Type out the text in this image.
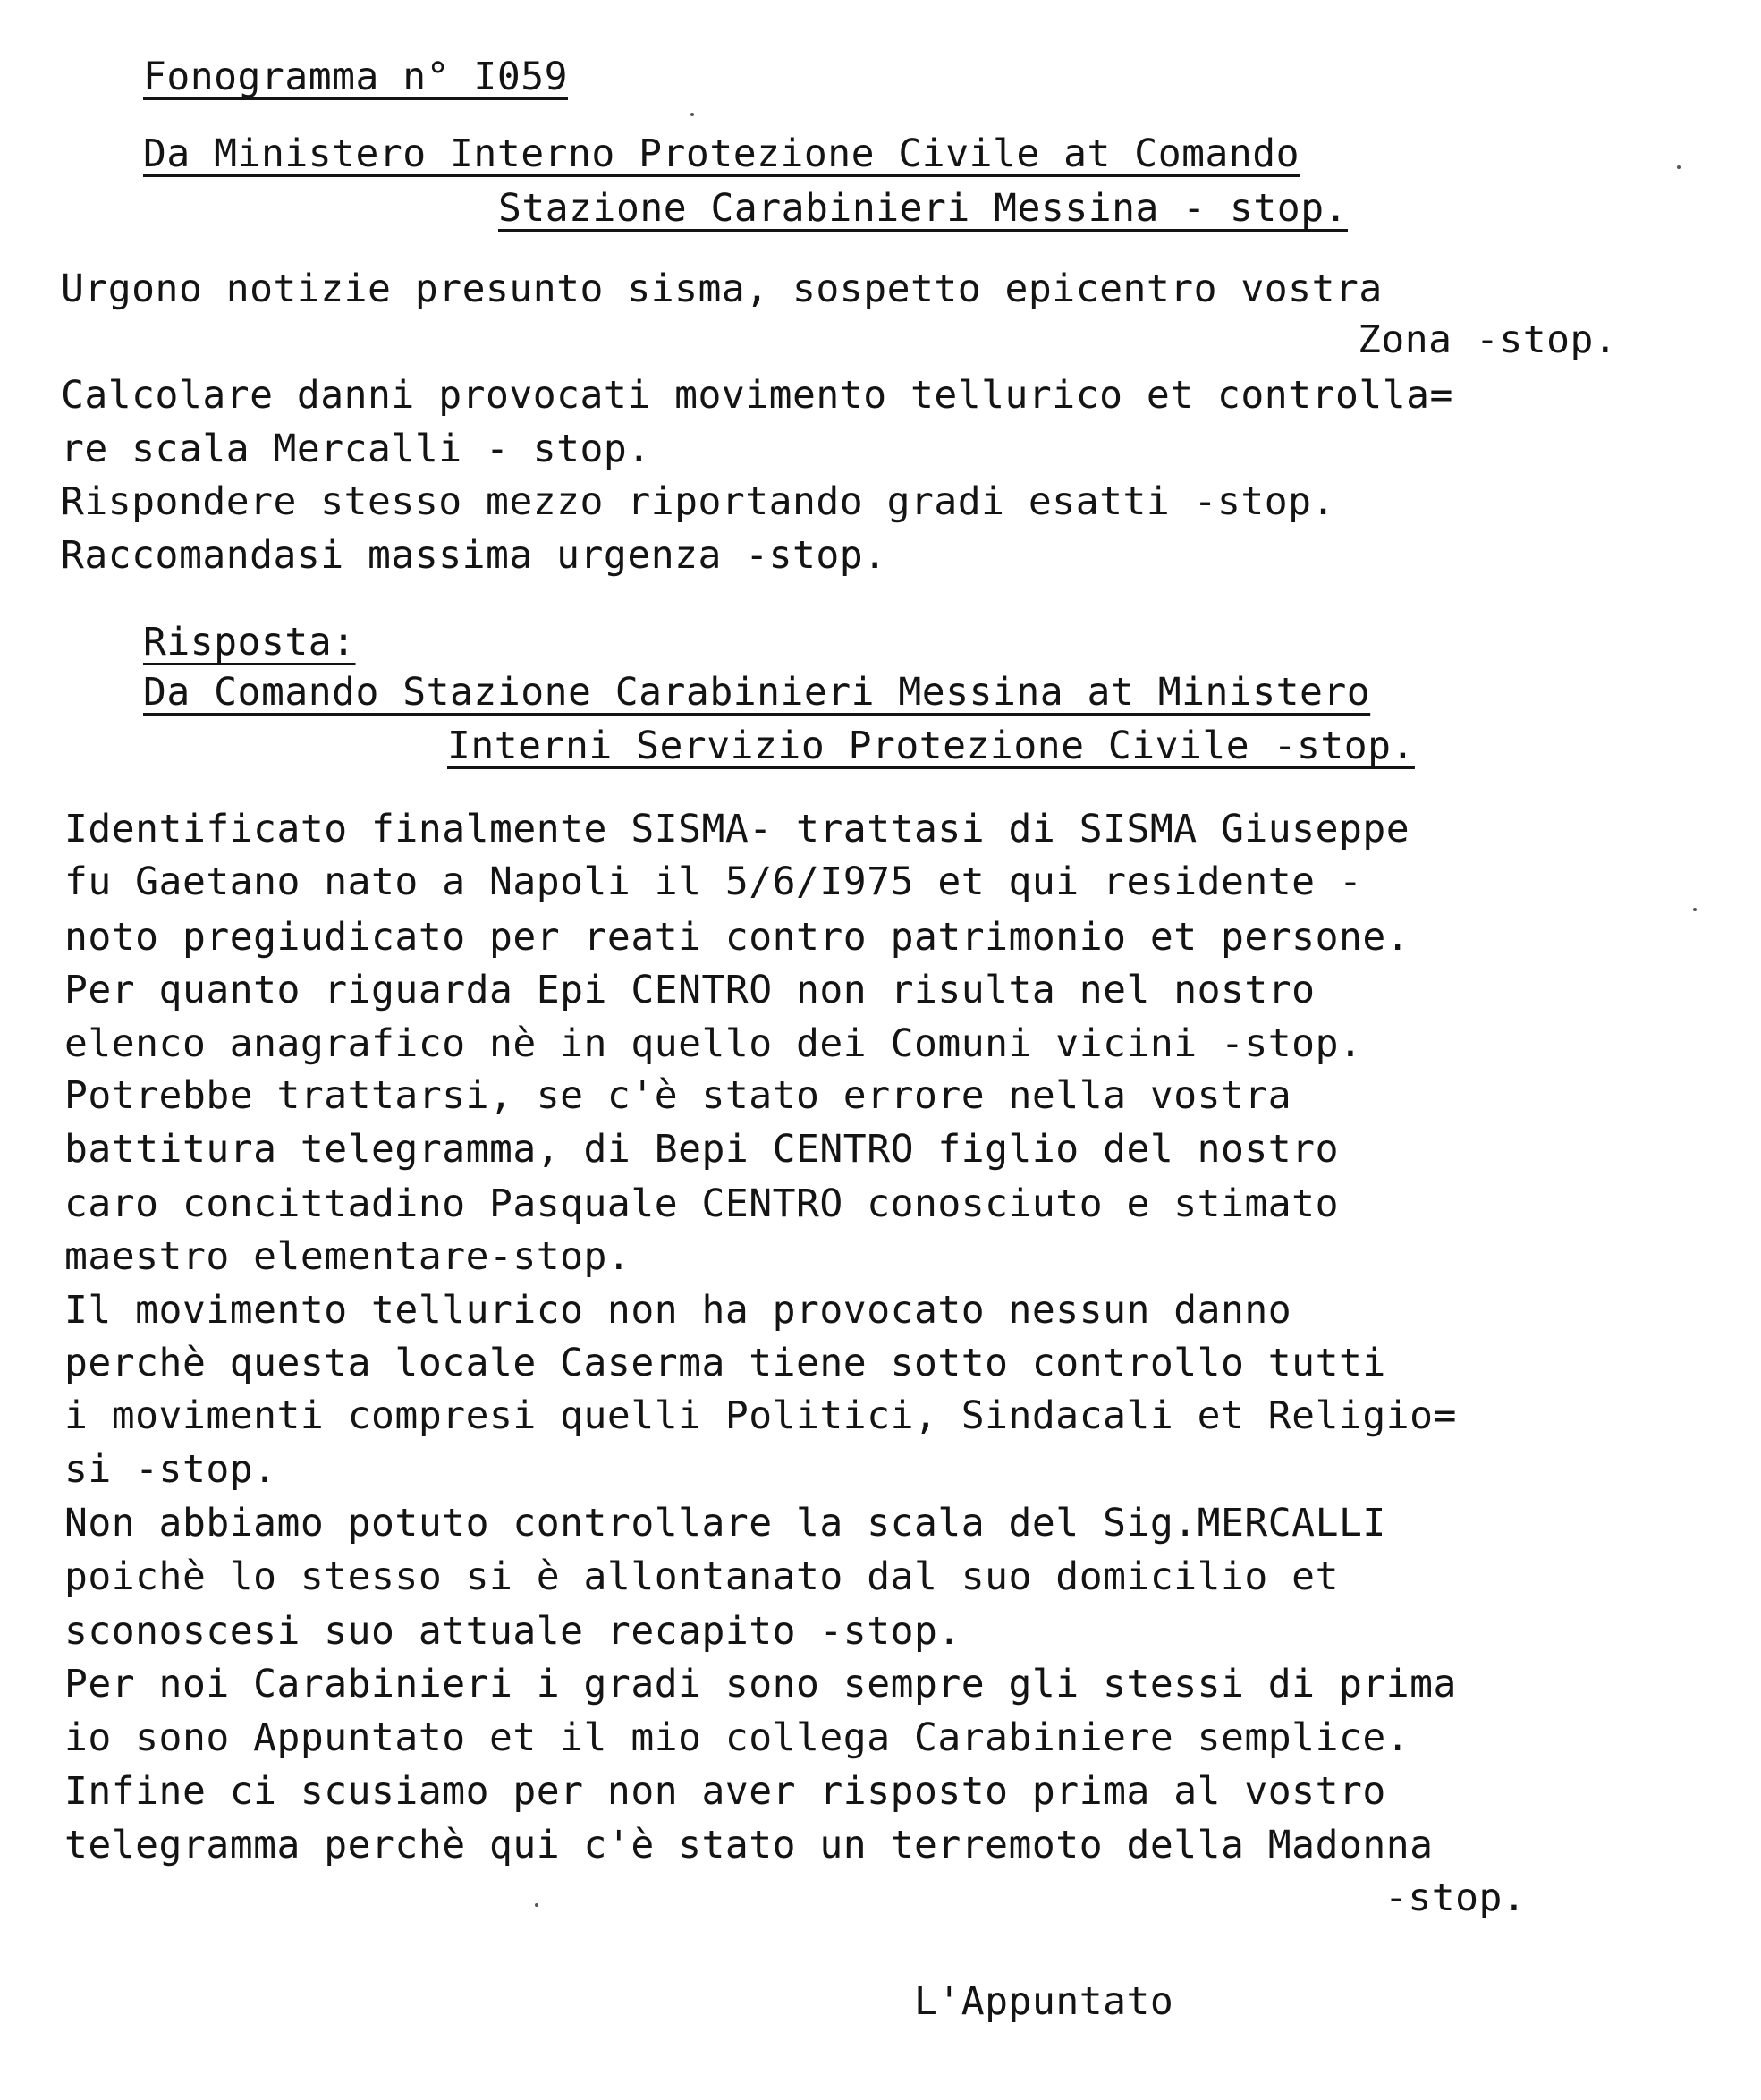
Fonogramma n° I059
Da Ministero Interno Protezione Civile at Comando
Stazione Carabinieri Messina - stop.
Urgono notizie presunto sisma, sospetto epicentro vostra
Zona -stop.
Calcolare danni provocati movimento tellurico et controlla=
re scala Mercalli - stop.
Rispondere stesso mezzo riportando gradi esatti -stop.
Raccomandasi massima urgenza -stop.
Risposta:
Da Comando Stazione Carabinieri Messina at Ministero
Interni Servizio Protezione Civile -stop.
Identificato finalmente SISMA- trattasi di SISMA Giuseppe
fu Gaetano nato a Napoli il 5/6/I975 et qui residente -
noto pregiudicato per reati contro patrimonio et persone.
Per quanto riguarda Epi CENTRO non risulta nel nostro
elenco anagrafico nè in quello dei Comuni vicini -stop.
Potrebbe trattarsi, se c'è stato errore nella vostra
battitura telegramma, di Bepi CENTRO figlio del nostro
caro concittadino Pasquale CENTRO conosciuto e stimato
maestro elementare-stop.
Il movimento tellurico non ha provocato nessun danno
perchè questa locale Caserma tiene sotto controllo tutti
i movimenti compresi quelli Politici, Sindacali et Religio=
si -stop.
Non abbiamo potuto controllare la scala del Sig.MERCALLI
poichè lo stesso si è allontanato dal suo domicilio et
sconoscesi suo attuale recapito -stop.
Per noi Carabinieri i gradi sono sempre gli stessi di prima
io sono Appuntato et il mio collega Carabiniere semplice.
Infine ci scusiamo per non aver risposto prima al vostro
telegramma perchè qui c'è stato un terremoto della Madonna
-stop.
L'Appuntato
